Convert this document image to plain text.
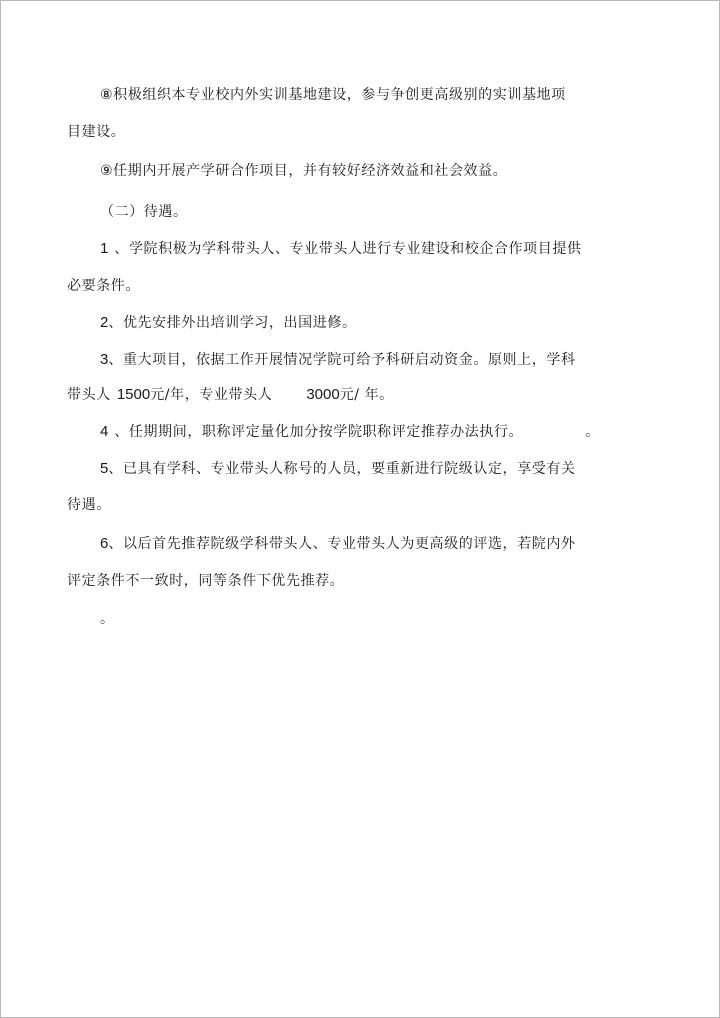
⑧积极组织本专业校内外实训基地建设，参与争创更高级别的实训基地项
目建设。
⑨任期内开展产学研合作项目，并有较好经济效益和社会效益。
（二）待遇。
1 、学院积极为学科带头人、专业带头人进行专业建设和校企合作项目提供
必要条件。
2、优先安排外出培训学习，出国进修。
3、重大项目，依据工作开展情况学院可给予科研启动资金。原则上，学科
带头人 1500元/年，专业带头人 3000元/ 年。
4 、任期期间，职称评定量化加分按学院职称评定推荐办法执行。	。
5、已具有学科、专业带头人称号的人员，要重新进行院级认定，享受有关
待遇。
6、以后首先推荐院级学科带头人、专业带头人为更高级的评选，若院内外
评定条件不一致时，同等条件下优先推荐。
。
